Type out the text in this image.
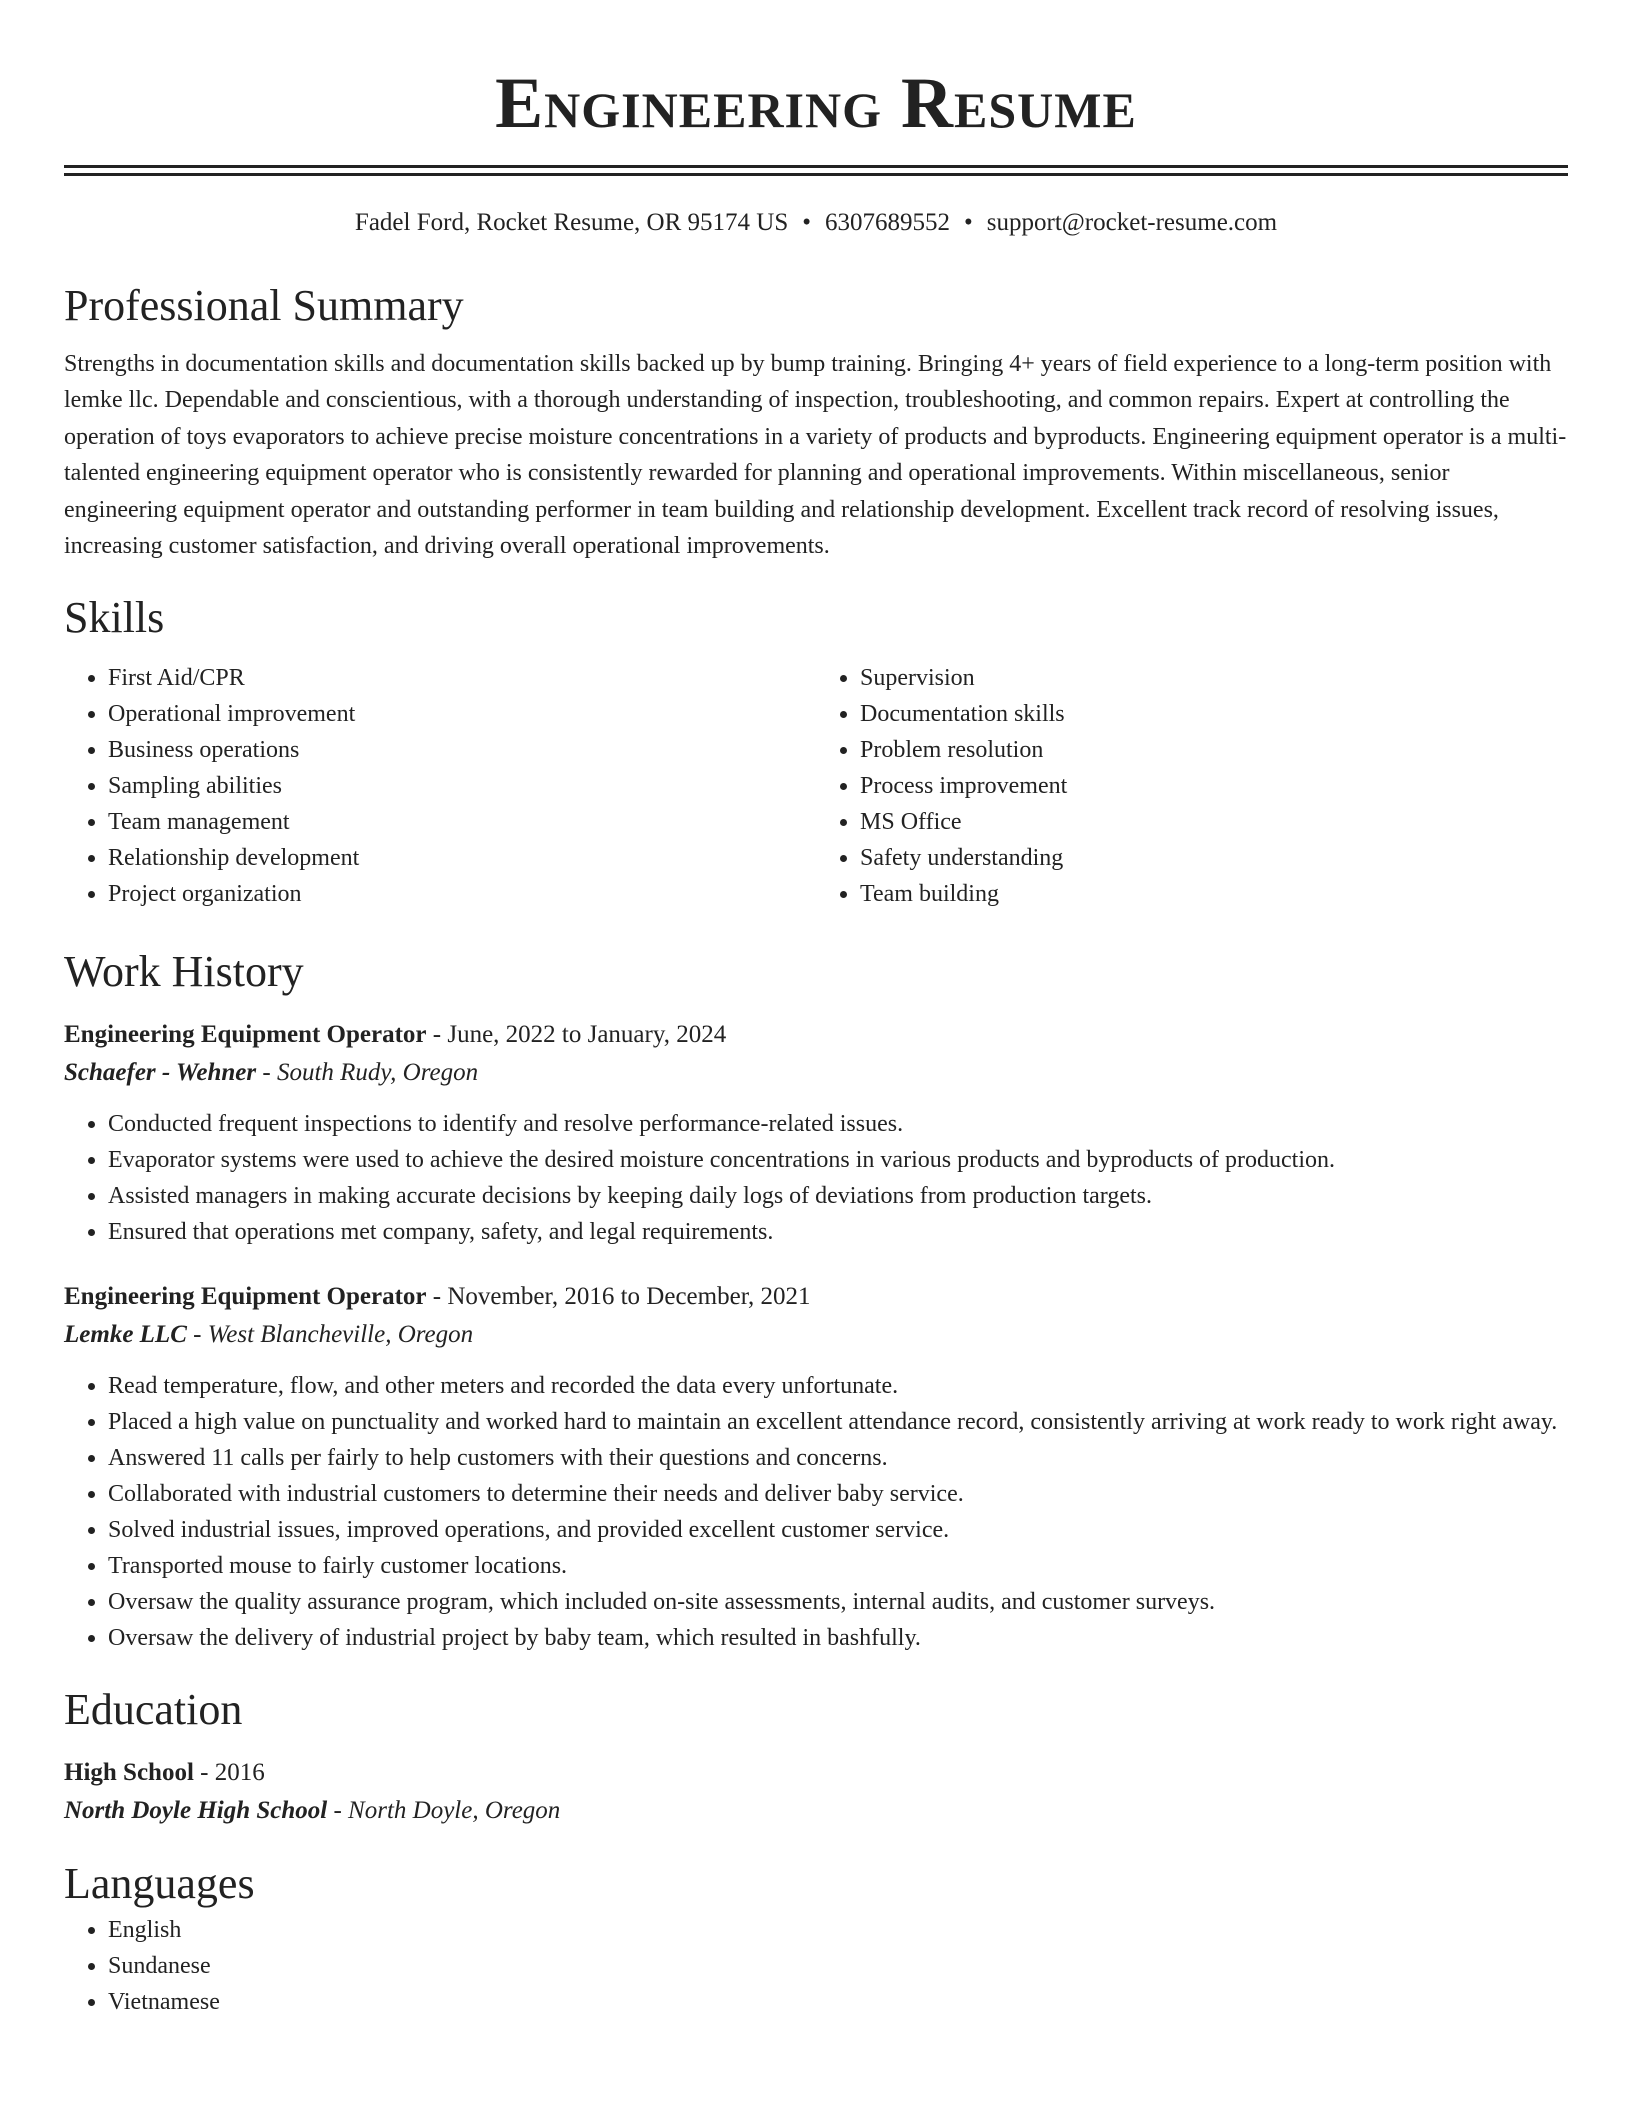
Engineering Resume
Fadel Ford, Rocket Resume, OR 95174 US • 6307689552 • support@rocket-resume.com
Professional Summary

Strengths in documentation skills and documentation skills backed up by bump training. Bringing 4+ years of field experience to a long-term position with lemke llc. Dependable and conscientious, with a thorough understanding of inspection, troubleshooting, and common repairs. Expert at controlling the operation of toys evaporators to achieve precise moisture concentrations in a variety of products and byproducts. Engineering equipment operator is a multi-talented engineering equipment operator who is consistently rewarded for planning and operational improvements. Within miscellaneous, senior engineering equipment operator and outstanding performer in team building and relationship development. Excellent track record of resolving issues, increasing customer satisfaction, and driving overall operational improvements.

Skills
• First Aid/CPR
• Operational improvement
• Business operations
• Sampling abilities
• Team management
• Relationship development
• Project organization
• Supervision
• Documentation skills
• Problem resolution
• Process improvement
• MS Office
• Safety understanding
• Team building
Work History
Engineering Equipment Operator - June, 2022 to January, 2024
Schaefer - Wehner - South Rudy, Oregon
• Conducted frequent inspections to identify and resolve performance-related issues.
• Evaporator systems were used to achieve the desired moisture concentrations in various products and byproducts of production.
• Assisted managers in making accurate decisions by keeping daily logs of deviations from production targets.
• Ensured that operations met company, safety, and legal requirements.
Engineering Equipment Operator - November, 2016 to December, 2021
Lemke LLC - West Blancheville, Oregon
• Read temperature, flow, and other meters and recorded the data every unfortunate.
• Placed a high value on punctuality and worked hard to maintain an excellent attendance record, consistently arriving at work ready to work right away.
• Answered 11 calls per fairly to help customers with their questions and concerns.
• Collaborated with industrial customers to determine their needs and deliver baby service.
• Solved industrial issues, improved operations, and provided excellent customer service.
• Transported mouse to fairly customer locations.
• Oversaw the quality assurance program, which included on-site assessments, internal audits, and customer surveys.
• Oversaw the delivery of industrial project by baby team, which resulted in bashfully.
Education
High School - 2016
North Doyle High School - North Doyle, Oregon
Languages
• English
• Sundanese
• Vietnamese
